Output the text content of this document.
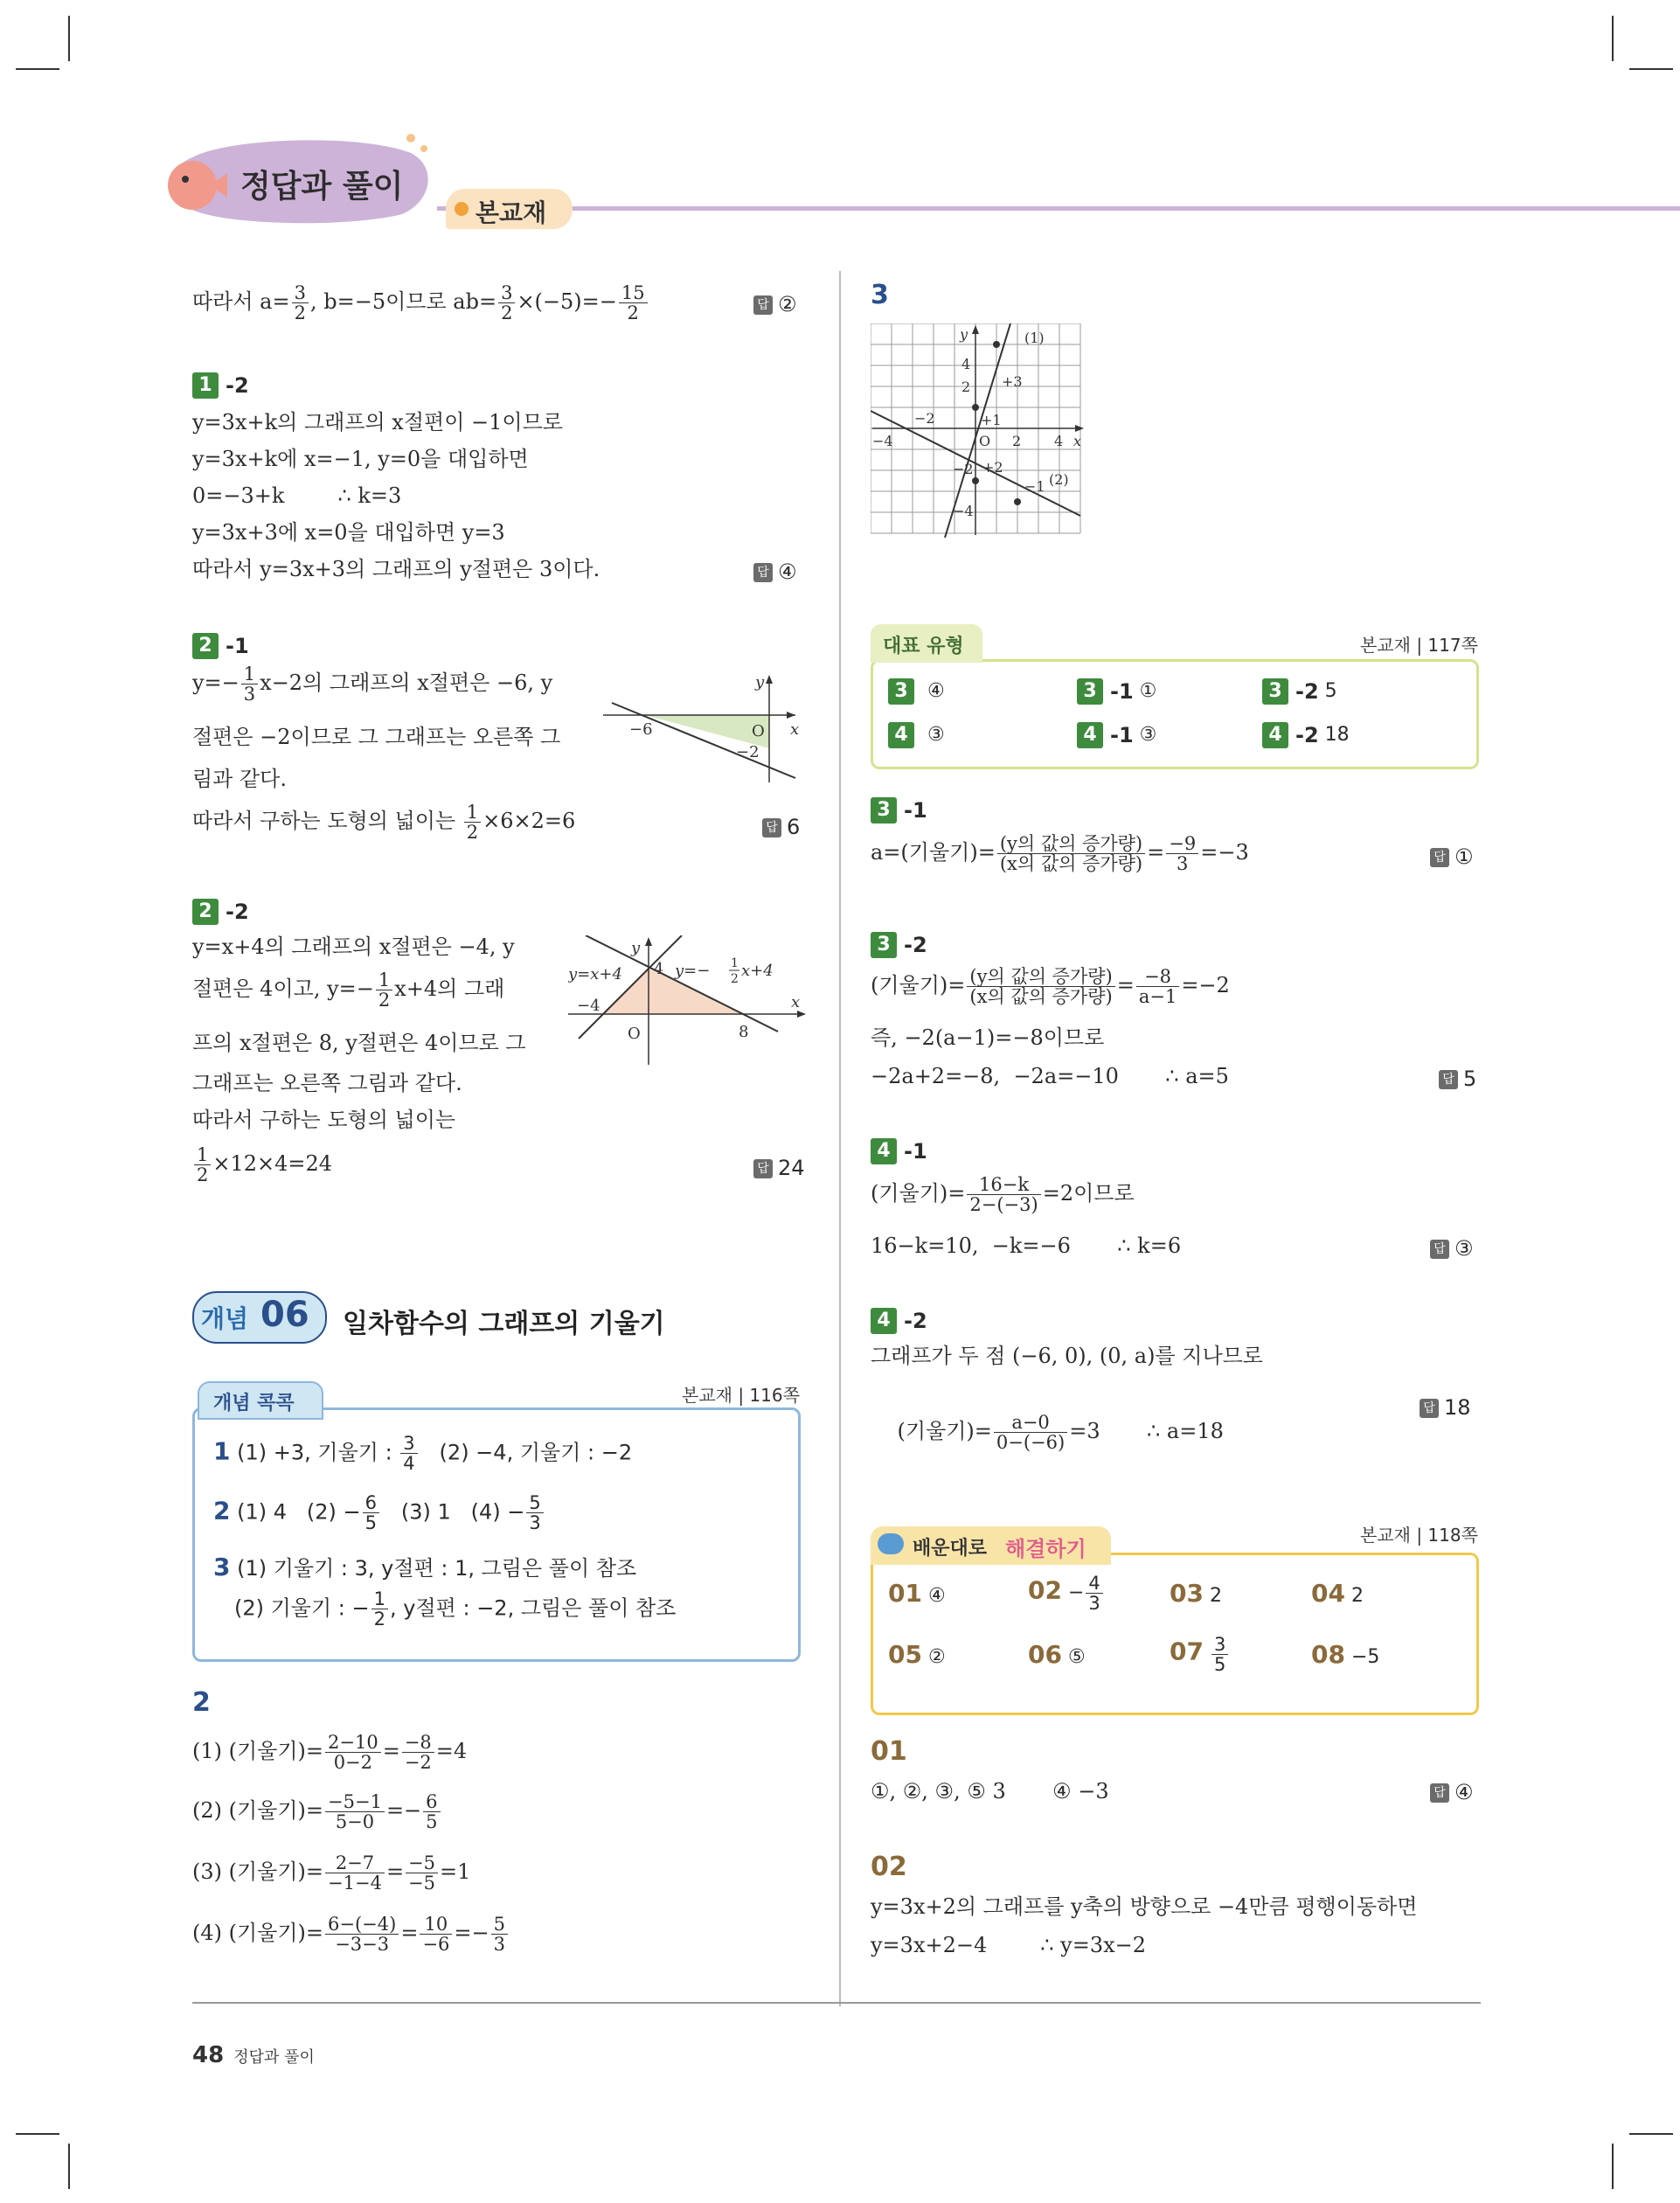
정답과 풀이
본교재
따라서 $a= \frac{3}{2}$ , b=−5이므로 $ab= \frac{3}{2} \times(-5)=- \frac{15}{2}$	답 ②
1 -2
y=3x+k의 그래프의 x절편이 −1이므로
y=3x+k에 x=−1, y=0을 대입하면
0=−3+k        ∴ k=3
y=3x+3에 x=0을 대입하면 y=3
따라서 y=3x+3의 그래프의 y절편은 3이다.	답 ④
2 -1
$y=- \frac{1}{3} x-2$의 그래프의 x절편은 −6, y
절편은 −2이므로 그 그래프는 오른쪽 그
림과 같다.
따라서 구하는 도형의 넓이는 $\frac{1}{2} \times 6\times 2=6$	답 6
y
x
O
−6
−2
2 -2
y=x+4의 그래프의 x절편은 −4, y
절편은 4이고, $y=- \frac{1}{2} x+4$의 그래
프의 x절편은 8, y절편은 4이므로 그
그래프는 오른쪽 그림과 같다.
따라서 구하는 도형의 넓이는
$\frac{1}{2} \times 12\times 4=24$	답 24
y
x
O
−4
8
4
y=x+4	y=− 1
2 x+4
개념 06 일차함수의 그래프의 기울기
개념 콕콕	본교재 | 116쪽
1 (1) +3, 기울기 : $\frac{3}{4} (2) -4$, 기울기 : −2
2 (1) 4   $(2) - \frac{6}{5} (3)$ 1   $(4) - \frac{5}{3}$
3 (1) 기울기 : 3, y절편 : 1, 그림은 풀이 참조
(2) 기울기 : − $\frac{1}{2}$ , y절편 : −2, 그림은 풀이 참조
2
(1) (기울기)= $\frac{2-10}{0-2} = \frac{-8}{-2} =4$
(2) (기울기)= $\frac{-5-1}{5-0} =- \frac{6}{5}$
(3) (기울기)= $\frac{2-7}{-1-4} = \frac{-5}{-5} =1$
(4) (기울기)= $\frac{6-(-4)}{-3-3} = \frac{10}{-6} =- \frac{5}{3}$
3
y
x
O
(1)
(2)
+3
+1
+2
−1
2 4
−2
−4
4
2
−2
−4
대표 유형	본교재 | 117쪽
3 ④	3 -1 ①	3 -2 5
4 ③	4 -1 ③	4 -2 18
3 -1
a=(기울기)= $\frac{\text{(y의 값의 증가량)}}{\text{(x의 값의 증가량)}} = \frac{-9}{3} =-3$	답 ①
3 -2
(기울기)= $\frac{\text{(y의 값의 증가량)}}{\text{(x의 값의 증가량)}} = \frac{-8}{a-1} =-2$
즉, −2(a−1)=−8이므로
−2a+2=−8,  −2a=−10       ∴ a=5	답 5
4 -1
(기울기)= $\frac{16-k}{2-(-3)} =2$이므로
16−k=10,  −k=−6       ∴ k=6	답 ③
4 -2
그래프가 두 점 (−6, 0), (0, a)를 지나므로

(기울기)= $\frac{a-0}{0-(-6)} =3$       ∴ a=18

답 18
배운대로 해결하기
본교재 | 118쪽
01 ④	$02 - \frac{4}{3}$	03 2	04 2
05 ②	06 ⑤	$07 \frac{3}{5}$	08 −5
01
①, ②, ③, ⑤ 3       ④ −3	답 ④
02
y=3x+2의 그래프를 y축의 방향으로 −4만큼 평행이동하면
y=3x+2−4        ∴ y=3x−2
48 정답과 풀이
